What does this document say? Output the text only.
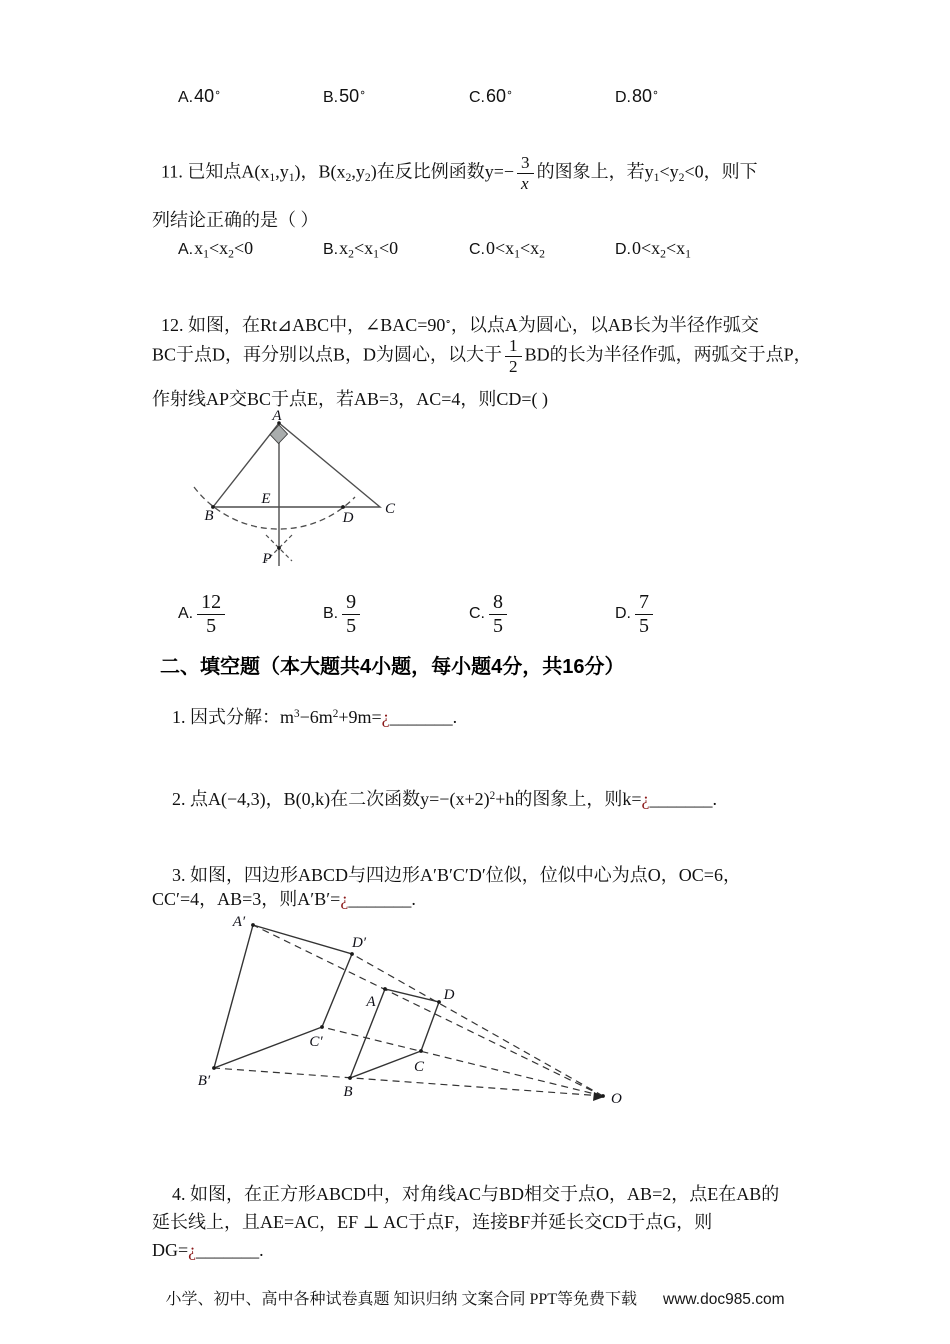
A.40∘	B.50∘	C.60∘	D.80∘
11. 已知点$A(x_1,y_1)$，$B(x_2,y_2)$在反比例函数$y=- \frac{3}{x}$ 的图象上，若$y_1<y_2<0$，则下
列结论正确的是（ ）
$A.x_1<x_2<0$	$B.x_2<x_1<0$	$C.0<x_1<x_2$	$D.0<x_2<x_1$
12. 如图，在Rt⊿ABC中，∠BAC=90∘，以点A为圆心，以AB长为半径作弧交
BC于点D，再分别以点B，D为圆心，以大于 $\frac{1}{2}$ BD的长为半径作弧，两弧交于点P，
作射线AP交BC于点E，若AB=3，AC=4，则CD=( )
A
E
B	D
C
P
A. $\frac{12}{5}$	B. $\frac{9}{5}$	C. $\frac{8}{5}$	D. $\frac{7}{5}$
二、填空题（本大题共4小题，每小题4分，共16分）
1. 因式分解：$m^3-6m^2+9m=¿\_\_\_\_\_\_\_$.
2. 点A(−4,3)，B(0,k)在二次函数$y=-(x+2)^2+h$的图象上，则k=¿_______.
3. 如图，四边形ABCD与四边形A′B′C′D′位似，位似中心为点O，OC=6，
CC′=4，AB=3，则A′B′=¿_______.
A′
D′
A	D
C′
C
B′
B	O
4. 如图，在正方形ABCD中，对角线AC与BD相交于点O，AB=2，点E在AB的
延长线上，且AE=AC，EF ⊥ AC于点F，连接BF并延长交CD于点G，则
DG=¿_______.
小学、初中、高中各种试卷真题 知识归纳 文案合同 PPT等免费下载 www.doc985.com
